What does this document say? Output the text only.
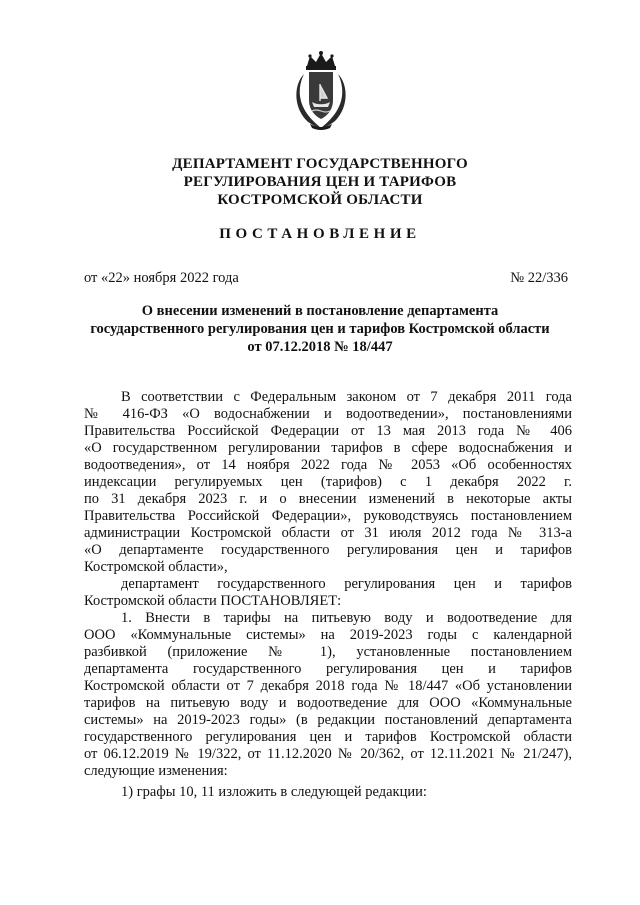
ДЕПАРТАМЕНТ ГОСУДАРСТВЕННОГО
РЕГУЛИРОВАНИЯ ЦЕН И ТАРИФОВ
КОСТРОМСКОЙ ОБЛАСТИ
ПОСТАНОВЛЕНИЕ
от «22» ноября 2022 года	№ 22/336
О внесении изменений в постановление департамента
государственного регулирования цен и тарифов Костромской области
от 07.12.2018 № 18/447
В соответствии с Федеральным законом от 7 декабря 2011 года
№ 416-ФЗ «О водоснабжении и водоотведении», постановлениями
Правительства Российской Федерации от 13 мая 2013 года № 406
«О государственном регулировании тарифов в сфере водоснабжения и
водоотведения», от 14 ноября 2022 года № 2053 «Об особенностях
индексации регулируемых цен (тарифов) с 1 декабря 2022 г.
по 31 декабря 2023 г. и о внесении изменений в некоторые акты
Правительства Российской Федерации», руководствуясь постановлением
администрации Костромской области от 31 июля 2012 года № 313-а
«О департаменте государственного регулирования цен и тарифов
Костромской области»,
департамент государственного регулирования цен и тарифов
Костромской области ПОСТАНОВЛЯЕТ:
1. Внести в тарифы на питьевую воду и водоотведение для
ООО «Коммунальные системы» на 2019-2023 годы с календарной
разбивкой (приложение № 1), установленные постановлением
департамента государственного регулирования цен и тарифов
Костромской области от 7 декабря 2018 года № 18/447 «Об установлении
тарифов на питьевую воду и водоотведение для ООО «Коммунальные
системы» на 2019-2023 годы» (в редакции постановлений департамента
государственного регулирования цен и тарифов Костромской области
от 06.12.2019 № 19/322, от 11.12.2020 № 20/362, от 12.11.2021 № 21/247),
следующие изменения:
1) графы 10, 11 изложить в следующей редакции:
